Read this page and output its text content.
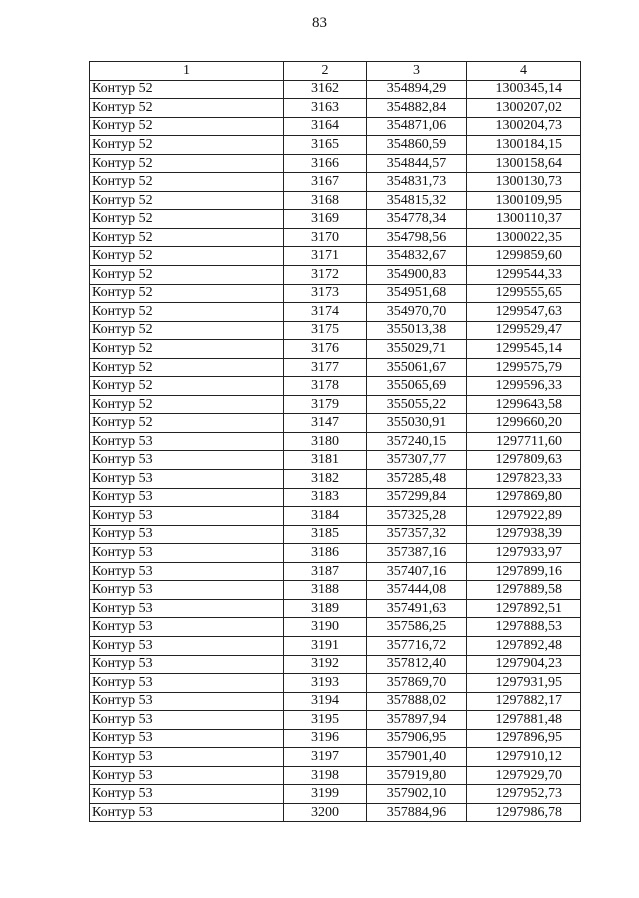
83
1	2	3	4
Контур 52	3162	354894,29	1300345,14
Контур 52	3163	354882,84	1300207,02
Контур 52	3164	354871,06	1300204,73
Контур 52	3165	354860,59	1300184,15
Контур 52	3166	354844,57	1300158,64
Контур 52	3167	354831,73	1300130,73
Контур 52	3168	354815,32	1300109,95
Контур 52	3169	354778,34	1300110,37
Контур 52	3170	354798,56	1300022,35
Контур 52	3171	354832,67	1299859,60
Контур 52	3172	354900,83	1299544,33
Контур 52	3173	354951,68	1299555,65
Контур 52	3174	354970,70	1299547,63
Контур 52	3175	355013,38	1299529,47
Контур 52	3176	355029,71	1299545,14
Контур 52	3177	355061,67	1299575,79
Контур 52	3178	355065,69	1299596,33
Контур 52	3179	355055,22	1299643,58
Контур 52	3147	355030,91	1299660,20
Контур 53	3180	357240,15	1297711,60
Контур 53	3181	357307,77	1297809,63
Контур 53	3182	357285,48	1297823,33
Контур 53	3183	357299,84	1297869,80
Контур 53	3184	357325,28	1297922,89
Контур 53	3185	357357,32	1297938,39
Контур 53	3186	357387,16	1297933,97
Контур 53	3187	357407,16	1297899,16
Контур 53	3188	357444,08	1297889,58
Контур 53	3189	357491,63	1297892,51
Контур 53	3190	357586,25	1297888,53
Контур 53	3191	357716,72	1297892,48
Контур 53	3192	357812,40	1297904,23
Контур 53	3193	357869,70	1297931,95
Контур 53	3194	357888,02	1297882,17
Контур 53	3195	357897,94	1297881,48
Контур 53	3196	357906,95	1297896,95
Контур 53	3197	357901,40	1297910,12
Контур 53	3198	357919,80	1297929,70
Контур 53	3199	357902,10	1297952,73
Контур 53	3200	357884,96	1297986,78
